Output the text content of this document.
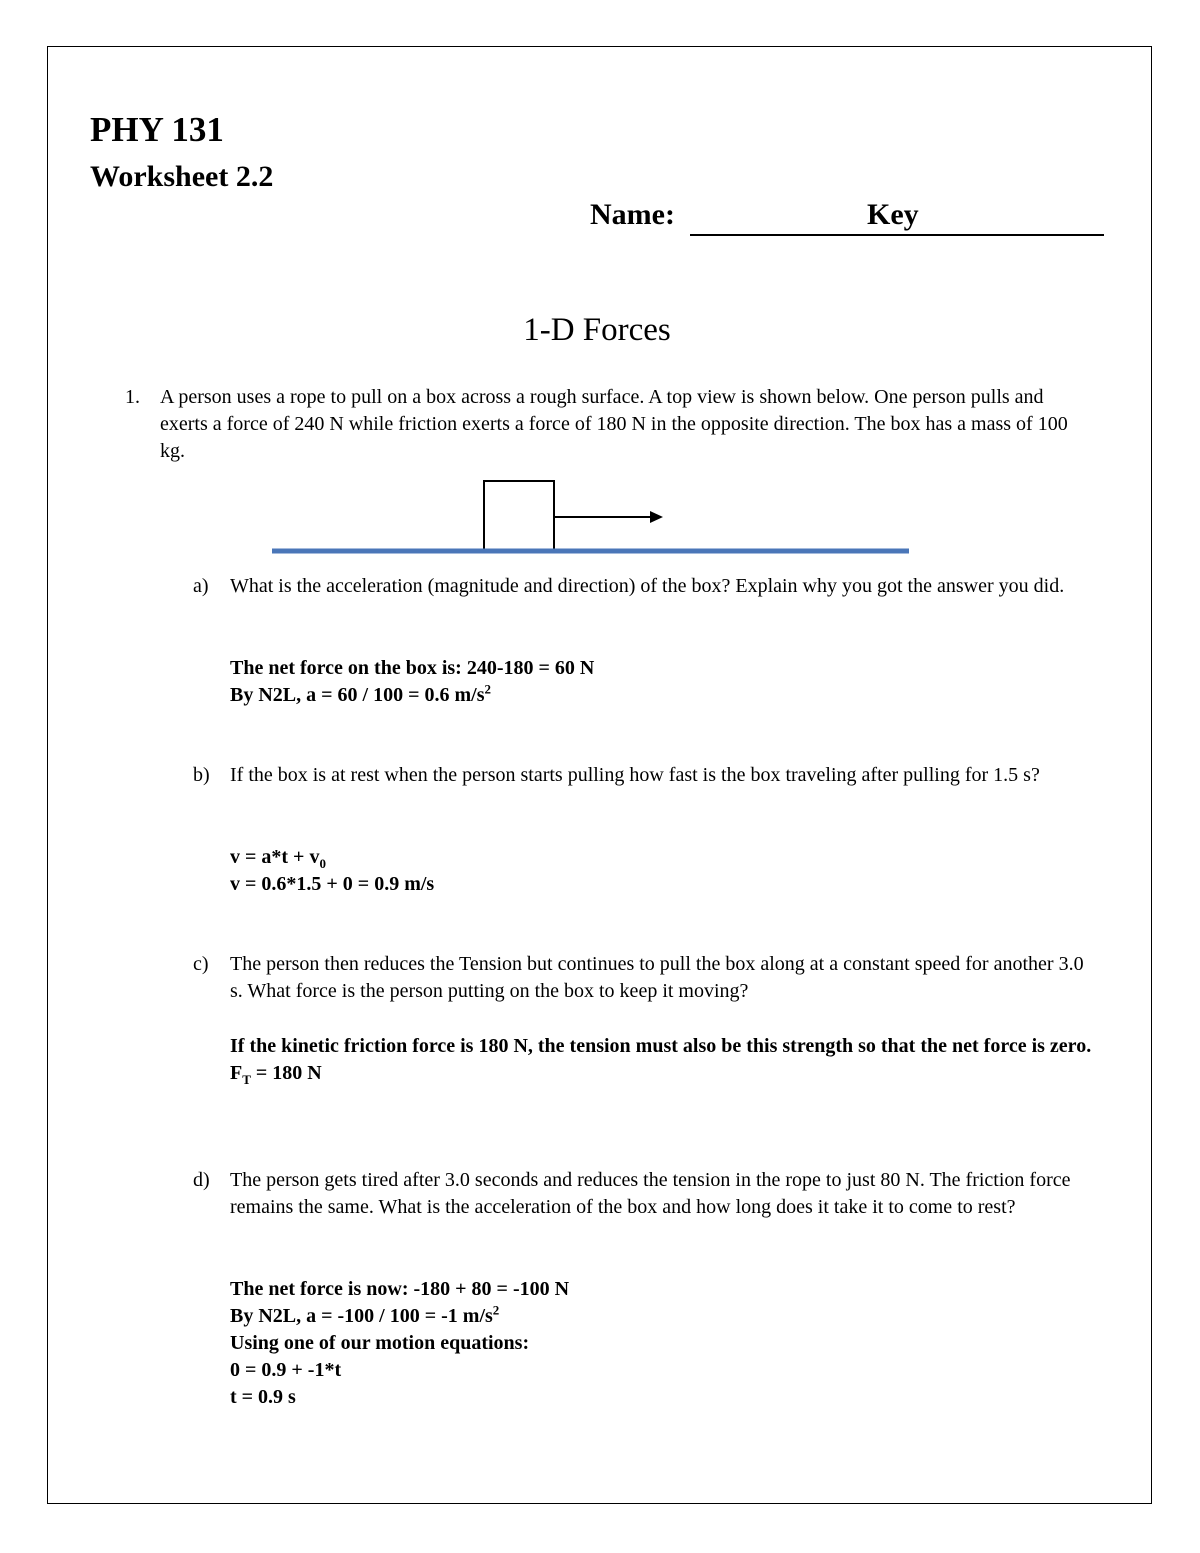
PHY 131
Worksheet 2.2
Name:	Key
1-D Forces
1. A person uses a rope to pull on a box across a rough surface. A top view is shown below. One person pulls and exerts a force of 240 N while friction exerts a force of 180 N in the opposite direction. The box has a mass of 100 kg.
a) What is the acceleration (magnitude and direction) of the box? Explain why you got the answer you did.
The net force on the box is: 240-180 = 60 N
By N2L, a = 60 / 100 = 0.6 $m/s^2$
b) If the box is at rest when the person starts pulling how fast is the box traveling after pulling for 1.5 s?
$v = a*t + v_0$
v = 0.6*1.5 + 0 = 0.9 m/s
c) The person then reduces the Tension but continues to pull the box along at a constant speed for another 3.0 s. What force is the person putting on the box to keep it moving?
If the kinetic friction force is 180 N, the tension must also be this strength so that the net force is zero.
$F_T = 180$ N
d) The person gets tired after 3.0 seconds and reduces the tension in the rope to just 80 N. The friction force remains the same. What is the acceleration of the box and how long does it take it to come to rest?
The net force is now: -180 + 80 = -100 N
By N2L, a = -100 / 100 = -1 $m/s^2$
Using one of our motion equations:
0 = 0.9 + -1*t
t = 0.9 s
